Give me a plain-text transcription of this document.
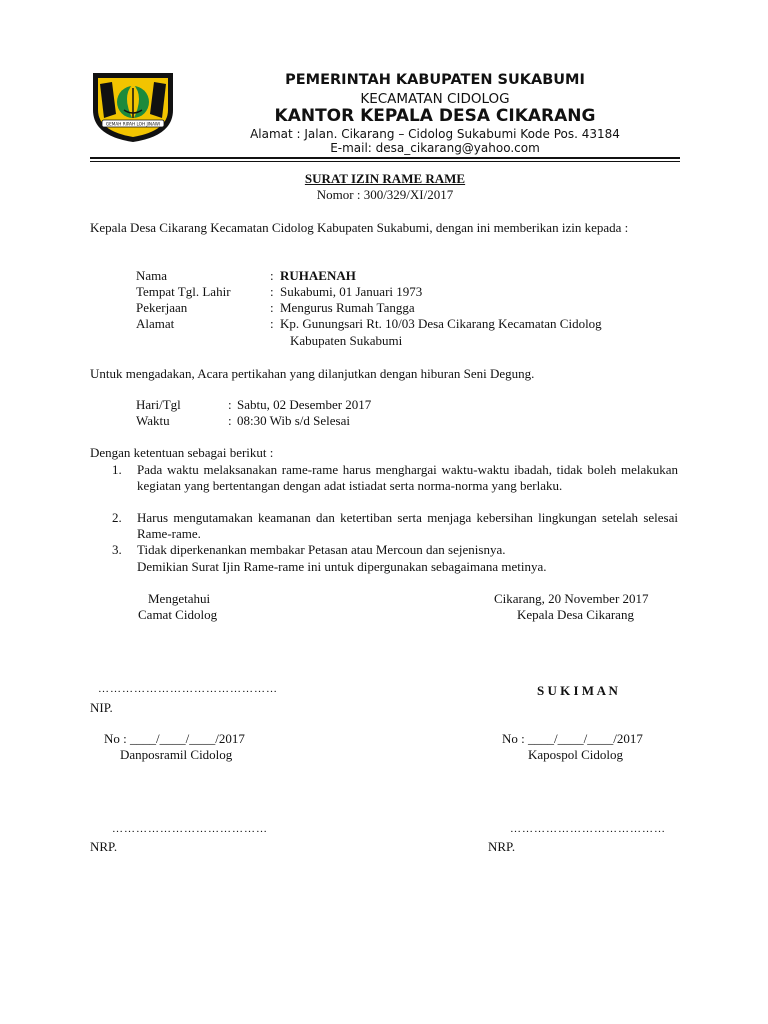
GEMAH RIPAH LOH JINAWI
PEMERINTAH KABUPATEN SUKABUMI
KECAMATAN CIDOLOG
KANTOR KEPALA DESA CIKARANG
Alamat : Jalan. Cikarang – Cidolog Sukabumi Kode Pos. 43184
E-mail: desa_cikarang@yahoo.com
SURAT IZIN RAME RAME
Nomor : 300/329/XI/2017
Kepala Desa Cikarang Kecamatan Cidolog Kabupaten Sukabumi, dengan ini memberikan izin kepada :
Nama	: RUHAENAH
Tempat Tgl. Lahir	: Sukabumi, 01 Januari 1973
Pekerjaan	: Mengurus Rumah Tangga
Alamat	: Kp. Gunungsari Rt. 10/03 Desa Cikarang Kecamatan Cidolog
Kabupaten Sukabumi
Untuk mengadakan, Acara pertikahan yang dilanjutkan dengan hiburan Seni Degung.
Hari/Tgl	: Sabtu, 02 Desember 2017
Waktu	: 08:30 Wib s/d Selesai
Dengan ketentuan sebagai berikut :
1. Pada waktu melaksanakan rame-rame harus menghargai waktu-waktu ibadah, tidak boleh melakukan kegiatan yang bertentangan dengan adat istiadat serta norma-norma yang berlaku.
2. Harus mengutamakan keamanan dan ketertiban serta menjaga kebersihan lingkungan setelah selesai Rame-rame.
3. Tidak diperkenankan membakar Petasan atau Mercoun dan sejenisnya.
Demikian Surat Ijin Rame-rame ini untuk dipergunakan sebagaimana metinya.
Mengetahui
Camat Cidolog
Cikarang, 20 November 2017
Kepala Desa Cikarang
………………………………………
NIP.
S U K I M A N
No : ____/____/____/2017
Danposramil Cidolog
No : ____/____/____/2017
Kapospol Cidolog
…………………………………
NRP.
…………………………………
NRP.
